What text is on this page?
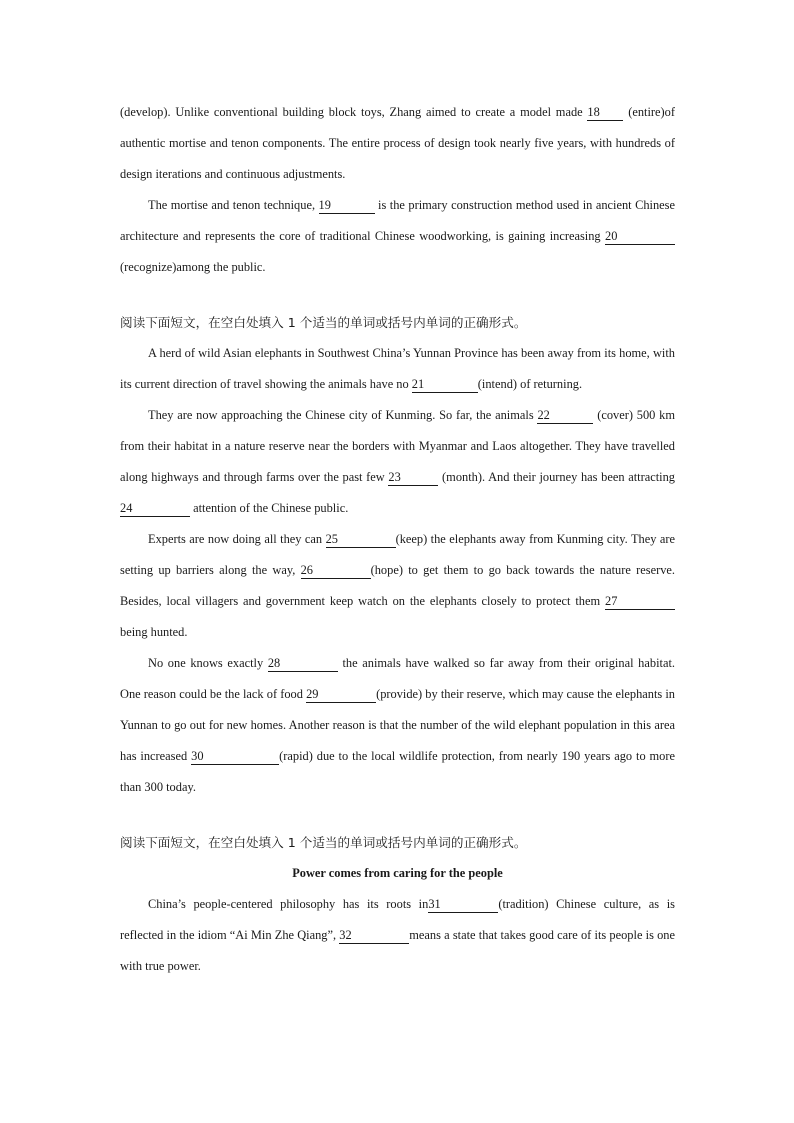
(develop). Unlike conventional building block toys, Zhang aimed to create a model made 18 (entire)of authentic mortise and tenon components. The entire process of design took nearly five years, with hundreds of design iterations and continuous adjustments.

The mortise and tenon technique, 19	is the primary construction method used in ancient Chinese architecture and represents the core of traditional Chinese woodworking, is gaining increasing 20 (recognize)among the public.

阅读下面短文，在空白处填入 1 个适当的单词或括号内单词的正确形式。

A herd of wild Asian elephants in Southwest China’s Yunnan Province has been away from its home, with its current direction of travel showing the animals have no 21	(intend) of returning.

They are now approaching the Chinese city of Kunming. So far, the animals 22	(cover) 500 km from their habitat in a nature reserve near the borders with Myanmar and Laos altogether. They have travelled along highways and through farms over the past few 23	(month). And their journey has been attracting 24	attention of the Chinese public.

Experts are now doing all they can 25	(keep) the elephants away from Kunming city. They are setting up barriers along the way, 26	(hope) to get them to go back towards the nature reserve. Besides, local villagers and government keep watch on the elephants closely to protect them 27 being hunted.

No one knows exactly 28	the animals have walked so far away from their original habitat. One reason could be the lack of food 29	(provide) by their reserve, which may cause the elephants in Yunnan to go out for new homes. Another reason is that the number of the wild elephant population in this area has increased 30	(rapid) due to the local wildlife protection, from nearly 190 years ago to more than 300 today.

阅读下面短文，在空白处填入 1 个适当的单词或括号内单词的正确形式。

Power comes from caring for the people

China’s people-centered philosophy has its roots in31	(tradition) Chinese culture, as is reflected in the idiom “Ai Min Zhe Qiang”, 32	means a state that takes good care of its people is one with true power.
